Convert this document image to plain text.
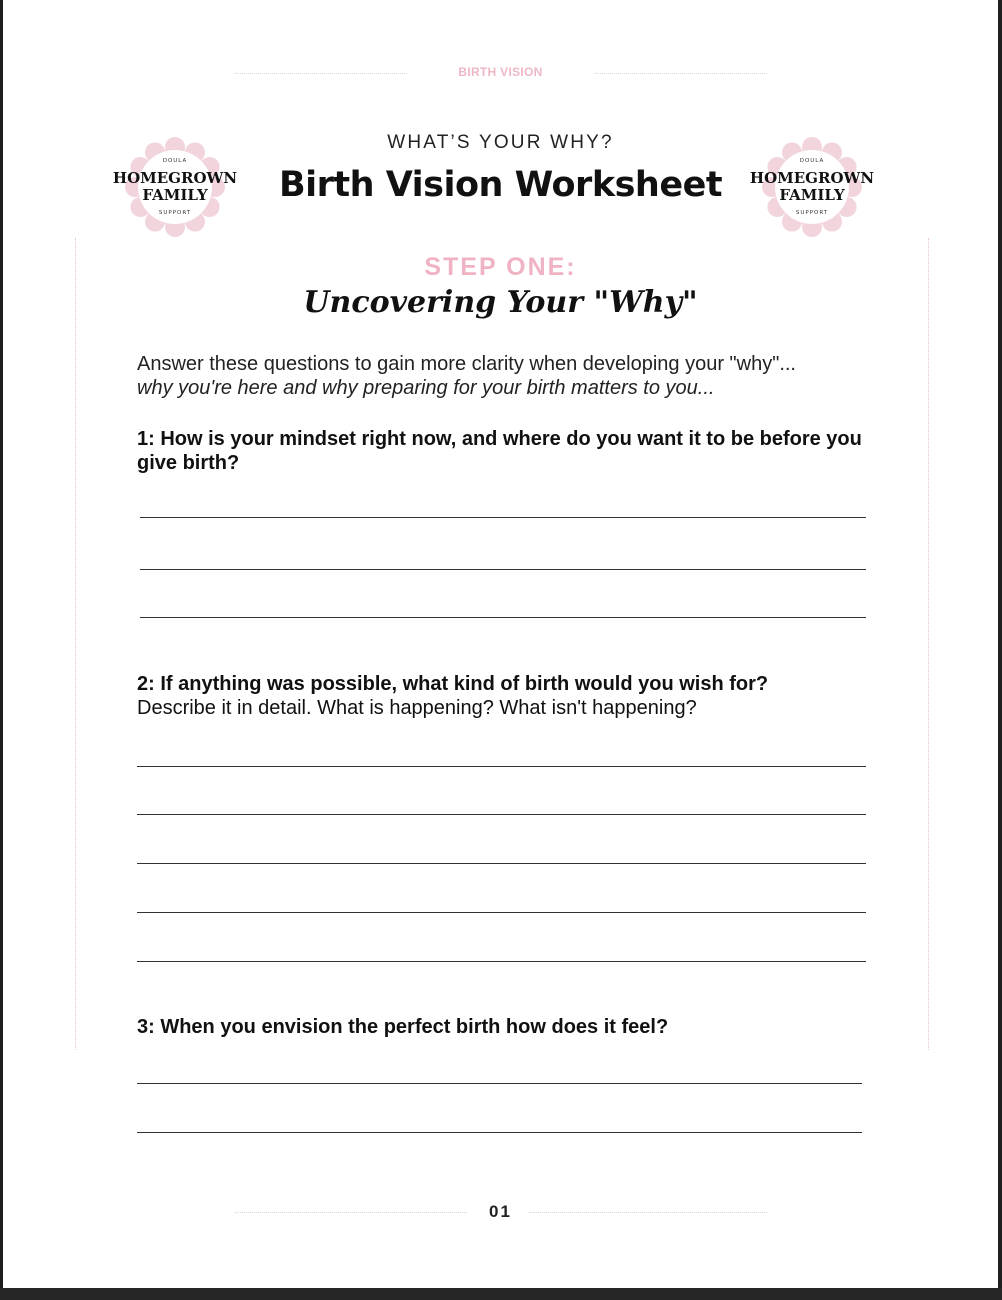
BIRTH VISION
DOULA
HOMEGROWN
FAMILY
SUPPORT
DOULA
HOMEGROWN
FAMILY
SUPPORT
WHAT’S YOUR WHY?
Birth Vision Worksheet
STEP ONE:
Uncovering Your "Why"
Answer these questions to gain more clarity when developing your "why"...
why you're here and why preparing for your birth matters to you...
1: How is your mindset right now, and where do you want it to be before you give birth?
2: If anything was possible, what kind of birth would you wish for?
Describe it in detail. What is happening? What isn't happening?
3: When you envision the perfect birth how does it feel?
01
